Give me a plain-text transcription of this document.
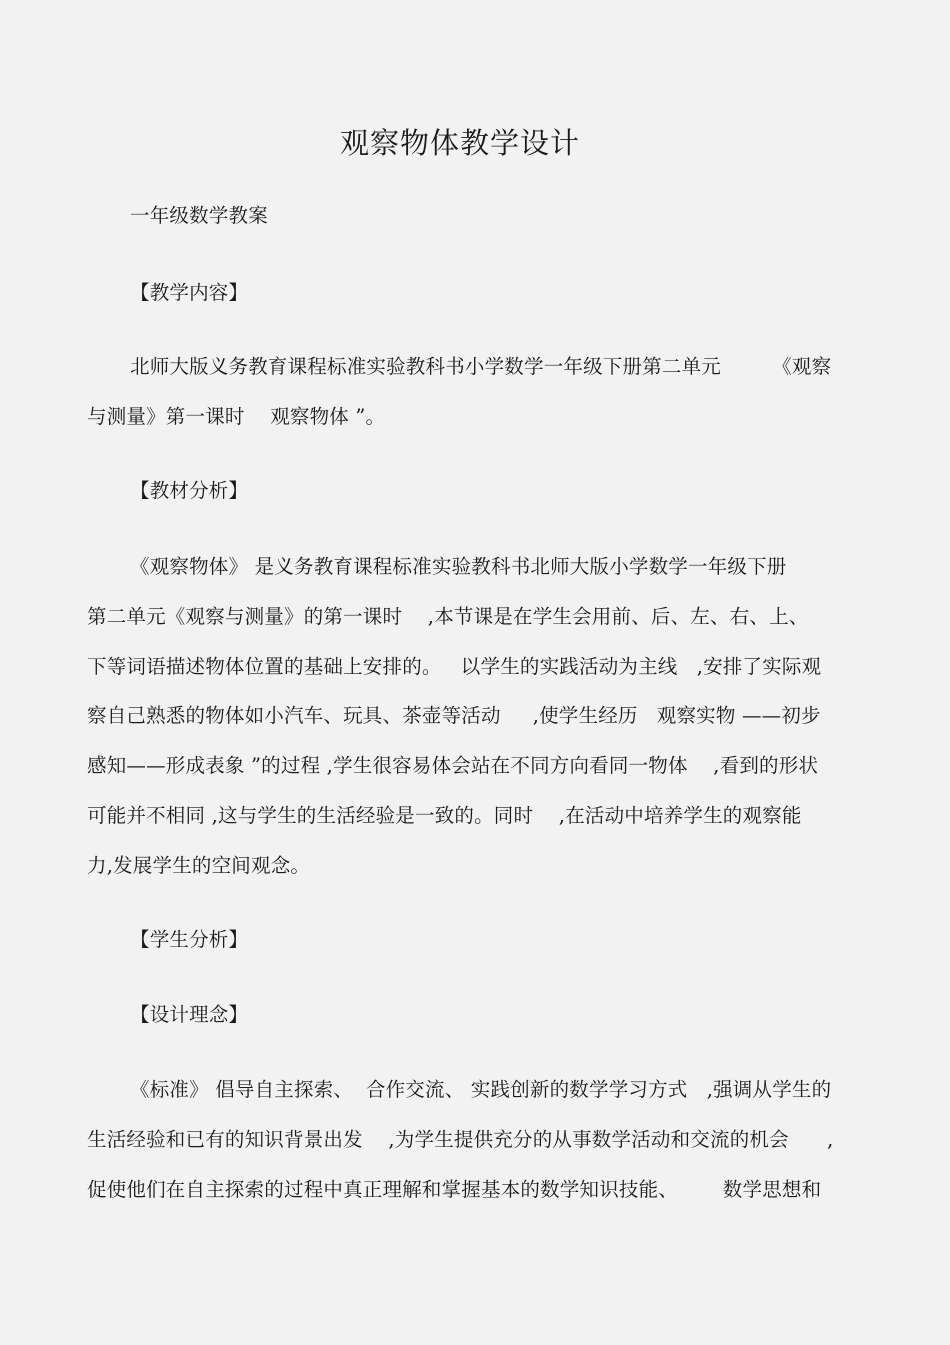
观察物体教学设计
一年级数学教案
【教学内容】
北师大版义务教育课程标准实验教科书小学数学一年级下册第二单元        《观察
与测量》第一课时    观察物体 ”。
【教材分析】
《观察物体》 是义务教育课程标准实验教科书北师大版小学数学一年级下册
第二单元《观察与测量》的第一课时    ,本节课是在学生会用前、后、左、右、上、
下等词语描述物体位置的基础上安排的。   以学生的实践活动为主线   ,安排了实际观
察自己熟悉的物体如小汽车、玩具、茶壶等活动     ,使学生经历   观察实物 ——初步
感知——形成表象 ”的过程 ,学生很容易体会站在不同方向看同一物体    ,看到的形状
可能并不相同 ,这与学生的生活经验是一致的。同时    ,在活动中培养学生的观察能
力,发展学生的空间观念。
【学生分析】
【设计理念】
《标准》 倡导自主探索、  合作交流、 实践创新的数学学习方式   ,强调从学生的
生活经验和已有的知识背景出发    ,为学生提供充分的从事数学活动和交流的机会      ,
促使他们在自主探索的过程中真正理解和掌握基本的数学知识技能、       数学思想和
